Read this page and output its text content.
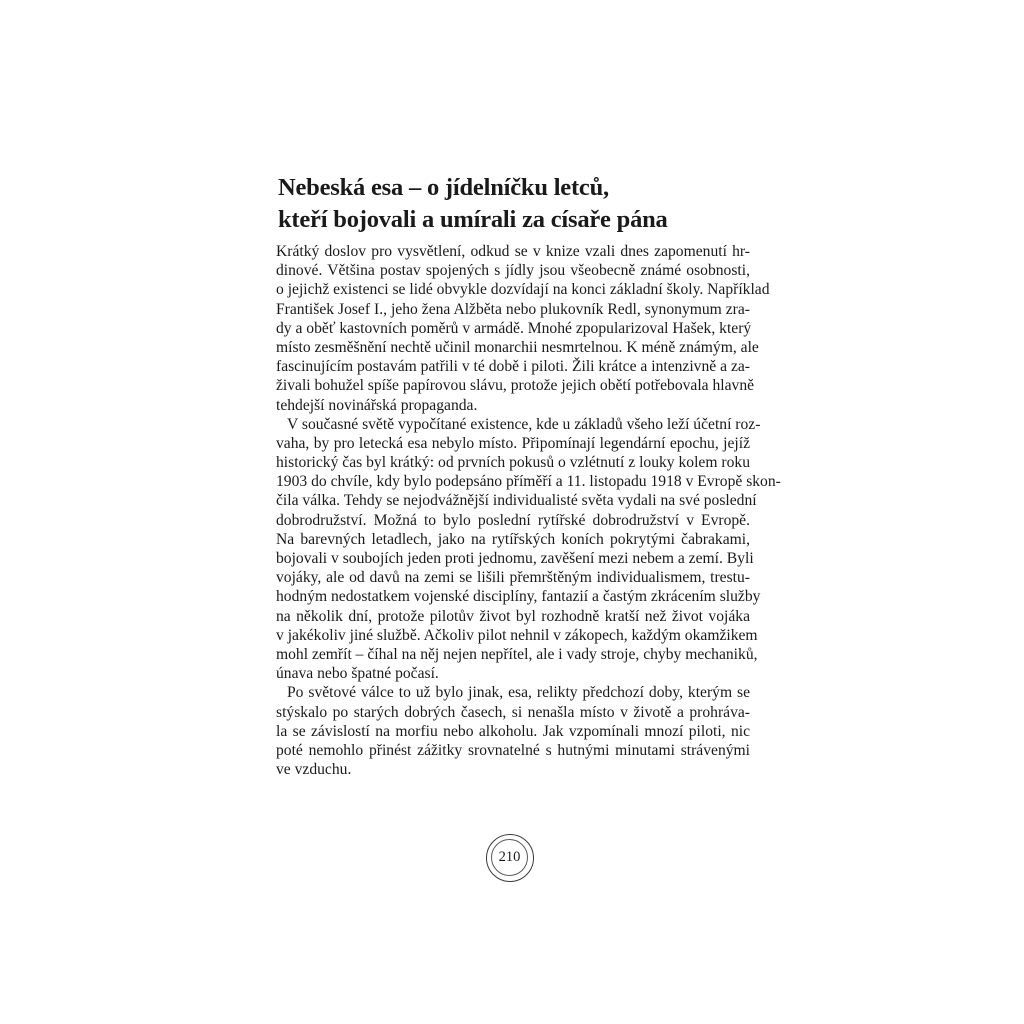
Nebeská esa – o jídelníčku letců,
kteří bojovali a umírali za císaře pána

Krátký doslov pro vysvětlení, odkud se v knize vzali dnes zapomenutí hr-
dinové. Většina postav spojených s jídly jsou všeobecně známé osobnosti,
o jejichž existenci se lidé obvykle dozvídají na konci základní školy. Například
František Josef I., jeho žena Alžběta nebo plukovník Redl, synonymum zra-
dy a oběť kastovních poměrů v armádě. Mnohé zpopularizoval Hašek, který
místo zesměšnění nechtě učinil monarchii nesmrtelnou. K méně známým, ale
fascinujícím postavám patřili v té době i piloti. Žili krátce a intenzivně a za-
živali bohužel spíše papírovou slávu, protože jejich obětí potřebovala hlavně
tehdejší novinářská propaganda.

V současné světě vypočítané existence, kde u základů všeho leží účetní roz-
vaha, by pro letecká esa nebylo místo. Připomínají legendární epochu, jejíž
historický čas byl krátký: od prvních pokusů o vzlétnutí z louky kolem roku
1903 do chvíle, kdy bylo podepsáno příměří a 11. listopadu 1918 v Evropě skon-
čila válka. Tehdy se nejodvážnější individualisté světa vydali na své poslední
dobrodružství. Možná to bylo poslední rytířské dobrodružství v Evropě.
Na barevných letadlech, jako na rytířských koních pokrytými čabrakami,
bojovali v soubojích jeden proti jednomu, zavěšení mezi nebem a zemí. Byli
vojáky, ale od davů na zemi se lišili přemrštěným individualismem, trestu-
hodným nedostatkem vojenské disciplíny, fantazií a častým zkrácením služby
na několik dní, protože pilotův život byl rozhodně kratší než život vojáka
v jakékoliv jiné službě. Ačkoliv pilot nehnil v zákopech, každým okamžikem
mohl zemřít – číhal na něj nejen nepřítel, ale i vady stroje, chyby mechaniků,
únava nebo špatné počasí.

Po světové válce to už bylo jinak, esa, relikty předchozí doby, kterým se
stýskalo po starých dobrých časech, si nenašla místo v životě a prohráva-
la se závislostí na morfiu nebo alkoholu. Jak vzpomínali mnozí piloti, nic
poté nemohlo přinést zážitky srovnatelné s hutnými minutami strávenými
ve vzduchu.

210
